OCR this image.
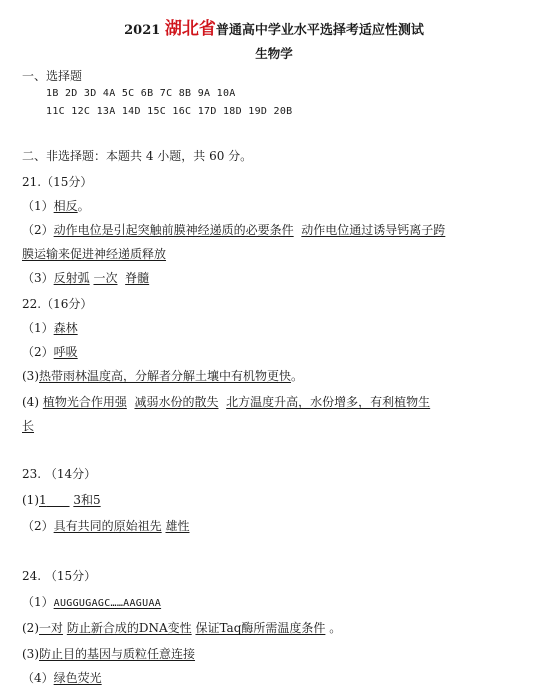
2021 湖北省普通高中学业水平选择考适应性测试
生物学
一、选择题
1B 2D 3D 4A 5C 6B 7C 8B 9A 10A
11C 12C 13A 14D 15C 16C 17D 18D 19D 20B
二、非选择题：本题共 4 小题，共 60 分。
21.（15分）
（1）相反。
（2）动作电位是引起突触前膜神经递质的必要条件 动作电位通过诱导钙离子跨
膜运输来促进神经递质释放
（3）反射弧 一次 脊髓
22.（16分）
（1）森林
（2）呼吸
(3)热带雨林温度高，分解者分解土壤中有机物更快。
(4) 植物光合作用强 减弱水份的散失 北方温度升高，水份增多，有利植物生
长
23. （14分）
(1)1 3和5
（2）具有共同的原始祖先 雄性
24. （15分）
（1）AUGGUGAGC……AAGUAA
(2)一对 防止新合成的DNA变性 保证Taq酶所需温度条件 。
(3)防止目的基因与质粒任意连接
（4）绿色荧光
